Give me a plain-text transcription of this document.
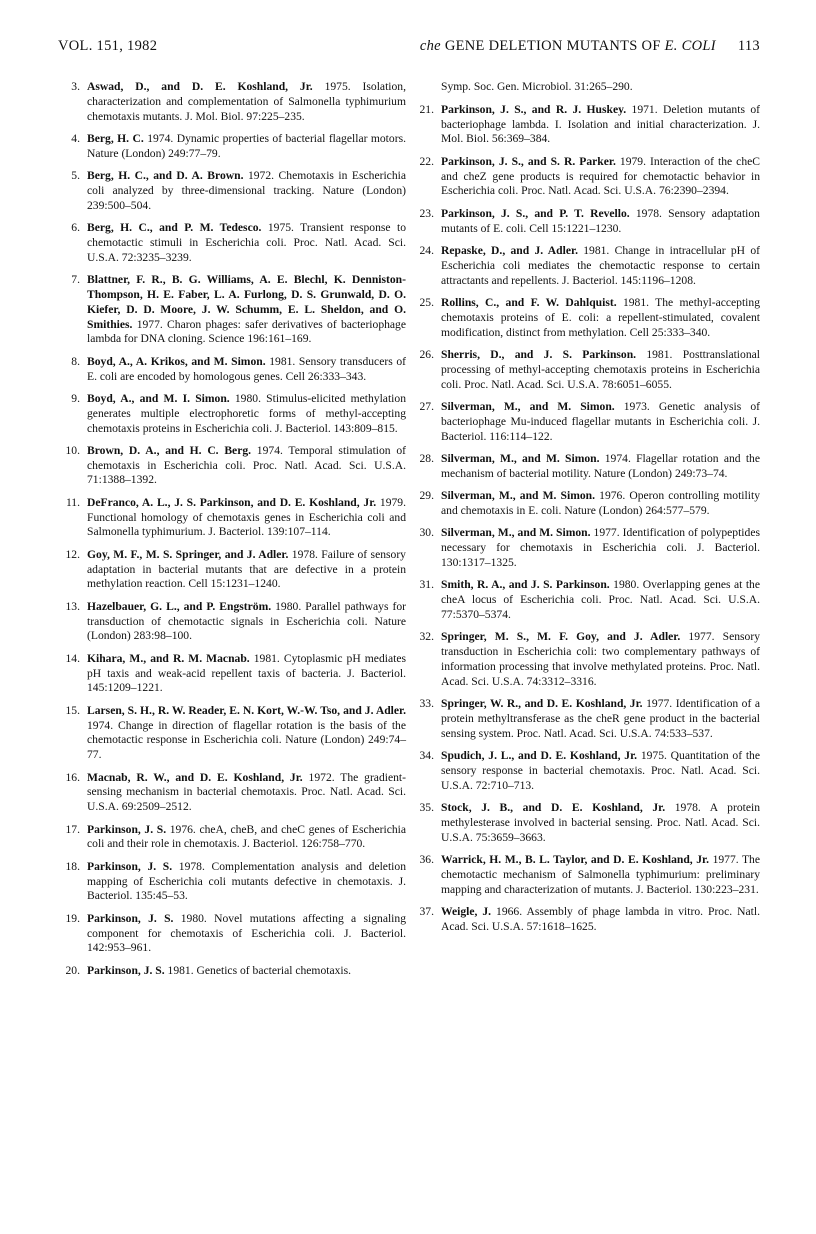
VOL. 151, 1982	che GENE DELETION MUTANTS OF E. COLI 113
3. Aswad, D., and D. E. Koshland, Jr. 1975. Isolation, characterization and complementation of Salmonella typhimurium chemotaxis mutants. J. Mol. Biol. 97:225–235.
4. Berg, H. C. 1974. Dynamic properties of bacterial flagellar motors. Nature (London) 249:77–79.
5. Berg, H. C., and D. A. Brown. 1972. Chemotaxis in Escherichia coli analyzed by three-dimensional tracking. Nature (London) 239:500–504.
6. Berg, H. C., and P. M. Tedesco. 1975. Transient response to chemotactic stimuli in Escherichia coli. Proc. Natl. Acad. Sci. U.S.A. 72:3235–3239.
7. Blattner, F. R., B. G. Williams, A. E. Blechl, K. Denniston-Thompson, H. E. Faber, L. A. Furlong, D. S. Grunwald, D. O. Kiefer, D. D. Moore, J. W. Schumm, E. L. Sheldon, and O. Smithies. 1977. Charon phages: safer derivatives of bacteriophage lambda for DNA cloning. Science 196:161–169.
8. Boyd, A., A. Krikos, and M. Simon. 1981. Sensory transducers of E. coli are encoded by homologous genes. Cell 26:333–343.
9. Boyd, A., and M. I. Simon. 1980. Stimulus-elicited methylation generates multiple electrophoretic forms of methyl-accepting chemotaxis proteins in Escherichia coli. J. Bacteriol. 143:809–815.
10. Brown, D. A., and H. C. Berg. 1974. Temporal stimulation of chemotaxis in Escherichia coli. Proc. Natl. Acad. Sci. U.S.A. 71:1388–1392.
11. DeFranco, A. L., J. S. Parkinson, and D. E. Koshland, Jr. 1979. Functional homology of chemotaxis genes in Escherichia coli and Salmonella typhimurium. J. Bacteriol. 139:107–114.
12. Goy, M. F., M. S. Springer, and J. Adler. 1978. Failure of sensory adaptation in bacterial mutants that are defective in a protein methylation reaction. Cell 15:1231–1240.
13. Hazelbauer, G. L., and P. Engström. 1980. Parallel pathways for transduction of chemotactic signals in Escherichia coli. Nature (London) 283:98–100.
14. Kihara, M., and R. M. Macnab. 1981. Cytoplasmic pH mediates pH taxis and weak-acid repellent taxis of bacteria. J. Bacteriol. 145:1209–1221.
15. Larsen, S. H., R. W. Reader, E. N. Kort, W.-W. Tso, and J. Adler. 1974. Change in direction of flagellar rotation is the basis of the chemotactic response in Escherichia coli. Nature (London) 249:74–77.
16. Macnab, R. W., and D. E. Koshland, Jr. 1972. The gradient-sensing mechanism in bacterial chemotaxis. Proc. Natl. Acad. Sci. U.S.A. 69:2509–2512.
17. Parkinson, J. S. 1976. cheA, cheB, and cheC genes of Escherichia coli and their role in chemotaxis. J. Bacteriol. 126:758–770.
18. Parkinson, J. S. 1978. Complementation analysis and deletion mapping of Escherichia coli mutants defective in chemotaxis. J. Bacteriol. 135:45–53.
19. Parkinson, J. S. 1980. Novel mutations affecting a signaling component for chemotaxis of Escherichia coli. J. Bacteriol. 142:953–961.
20. Parkinson, J. S. 1981. Genetics of bacterial chemotaxis.
Symp. Soc. Gen. Microbiol. 31:265–290.
21. Parkinson, J. S., and R. J. Huskey. 1971. Deletion mutants of bacteriophage lambda. I. Isolation and initial characterization. J. Mol. Biol. 56:369–384.
22. Parkinson, J. S., and S. R. Parker. 1979. Interaction of the cheC and cheZ gene products is required for chemotactic behavior in Escherichia coli. Proc. Natl. Acad. Sci. U.S.A. 76:2390–2394.
23. Parkinson, J. S., and P. T. Revello. 1978. Sensory adaptation mutants of E. coli. Cell 15:1221–1230.
24. Repaske, D., and J. Adler. 1981. Change in intracellular pH of Escherichia coli mediates the chemotactic response to certain attractants and repellents. J. Bacteriol. 145:1196–1208.
25. Rollins, C., and F. W. Dahlquist. 1981. The methyl-accepting chemotaxis proteins of E. coli: a repellent-stimulated, covalent modification, distinct from methylation. Cell 25:333–340.
26. Sherris, D., and J. S. Parkinson. 1981. Posttranslational processing of methyl-accepting chemotaxis proteins in Escherichia coli. Proc. Natl. Acad. Sci. U.S.A. 78:6051–6055.
27. Silverman, M., and M. Simon. 1973. Genetic analysis of bacteriophage Mu-induced flagellar mutants in Escherichia coli. J. Bacteriol. 116:114–122.
28. Silverman, M., and M. Simon. 1974. Flagellar rotation and the mechanism of bacterial motility. Nature (London) 249:73–74.
29. Silverman, M., and M. Simon. 1976. Operon controlling motility and chemotaxis in E. coli. Nature (London) 264:577–579.
30. Silverman, M., and M. Simon. 1977. Identification of polypeptides necessary for chemotaxis in Escherichia coli. J. Bacteriol. 130:1317–1325.
31. Smith, R. A., and J. S. Parkinson. 1980. Overlapping genes at the cheA locus of Escherichia coli. Proc. Natl. Acad. Sci. U.S.A. 77:5370–5374.
32. Springer, M. S., M. F. Goy, and J. Adler. 1977. Sensory transduction in Escherichia coli: two complementary pathways of information processing that involve methylated proteins. Proc. Natl. Acad. Sci. U.S.A. 74:3312–3316.
33. Springer, W. R., and D. E. Koshland, Jr. 1977. Identification of a protein methyltransferase as the cheR gene product in the bacterial sensing system. Proc. Natl. Acad. Sci. U.S.A. 74:533–537.
34. Spudich, J. L., and D. E. Koshland, Jr. 1975. Quantitation of the sensory response in bacterial chemotaxis. Proc. Natl. Acad. Sci. U.S.A. 72:710–713.
35. Stock, J. B., and D. E. Koshland, Jr. 1978. A protein methylesterase involved in bacterial sensing. Proc. Natl. Acad. Sci. U.S.A. 75:3659–3663.
36. Warrick, H. M., B. L. Taylor, and D. E. Koshland, Jr. 1977. The chemotactic mechanism of Salmonella typhimurium: preliminary mapping and characterization of mutants. J. Bacteriol. 130:223–231.
37. Weigle, J. 1966. Assembly of phage lambda in vitro. Proc. Natl. Acad. Sci. U.S.A. 57:1618–1625.
